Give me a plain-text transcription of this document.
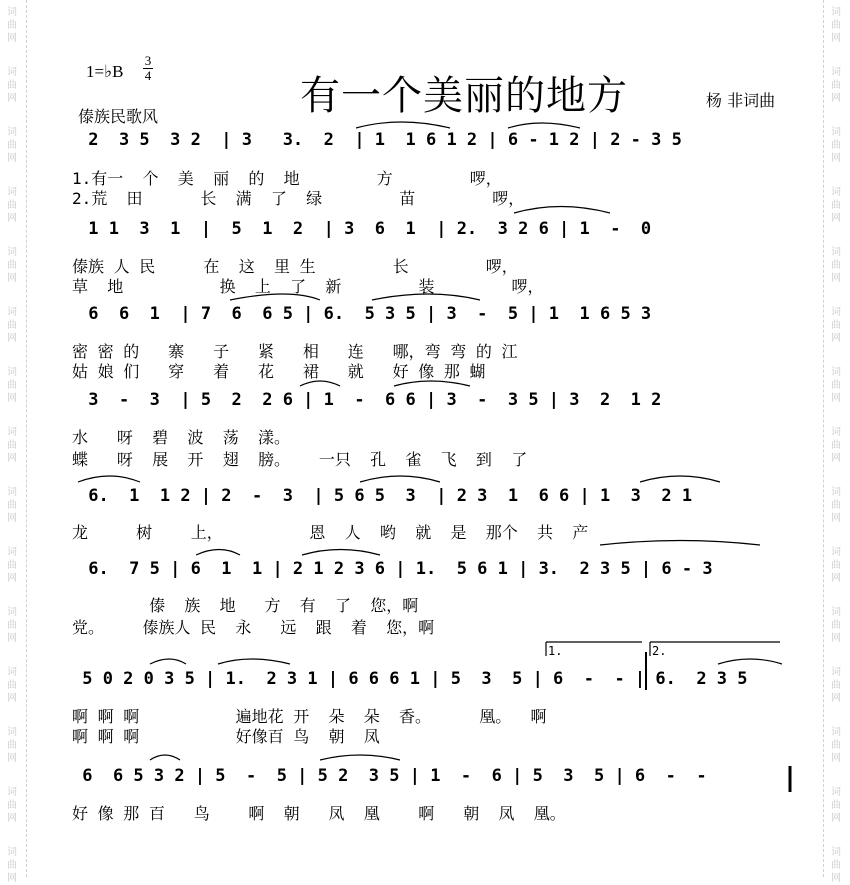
词
曲
网
词
曲
网
词
曲
网
词
曲
网
词
曲
网
词
曲
网
词
曲
网
词
曲
网
词
曲
网
词
曲
网
词
曲
网
词
曲
网
词
曲
网
词
曲
网
词
曲
网
词
曲
网
词
曲
网
词
曲
网
词
曲
网
词
曲
网
词
曲
网
词
曲
网
词
曲
网
词
曲
网
词
曲
网
词
曲
网
词
曲
网
词
曲
网
词
曲
网
词
曲
网
1=♭B
3
4	有一个美丽的地方
傣族民歌风
杨 非词曲
2  3 5  3 2  | 3   3.  2  | 1  1 6 1 2 | 6 - 1 2 | 2 - 3 5
1.有一  个  美  丽  的  地        方        啰，
2.荒  田      长  满  了  绿        苗        啰，
1 1  3  1  |  5  1  2  | 3  6  1  | 2.  3 2 6 | 1  -  0
傣族 人 民     在  这  里 生        长        啰，
草  地          换  上  了  新        装        啰，
6  6  1  | 7  6  6 5 | 6.  5 3 5 | 3  -  5 | 1  1 6 5 3
密 密 的   寨   子   紧   相   连   哪，弯 弯 的 江
姑 娘 们   穿   着   花   裙   就   好 像 那 蝴
3  -  3  | 5  2  2 6 | 1  -  6 6 | 3  -  3 5 | 3  2  1 2
水   呀  碧  波  荡  漾。
蝶   呀  展  开  翅  膀。   一只  孔  雀  飞  到  了
6.  1  1 2 | 2  -  3  | 5 6 5  3  | 2 3  1  6 6 | 1  3  2 1
龙     树    上，         恩  人  哟  就  是  那个  共  产
6.  7 5 | 6  1  1 | 2 1 2 3 6 | 1.  5 6 1 | 3.  2 3 5 | 6 - 3
傣  族  地   方  有  了  您，啊
党。    傣族人 民  永   远  跟  着  您，啊
1.	2.
5 0 2 0 3 5 | 1.  2 3 1 | 6 6 6 1 | 5  3  5 | 6  -  - | 6.  2 3 5
啊 啊 啊          遍地花 开  朵  朵  香。     凰。  啊
啊 啊 啊          好像百 鸟  朝  凤
6  6 5 3 2 | 5  -  5 | 5 2  3 5 | 1  -  6 | 5  3  5 | 6  -  -
好 像 那 百   鸟    啊  朝   凤  凰    啊   朝  凤  凰。
